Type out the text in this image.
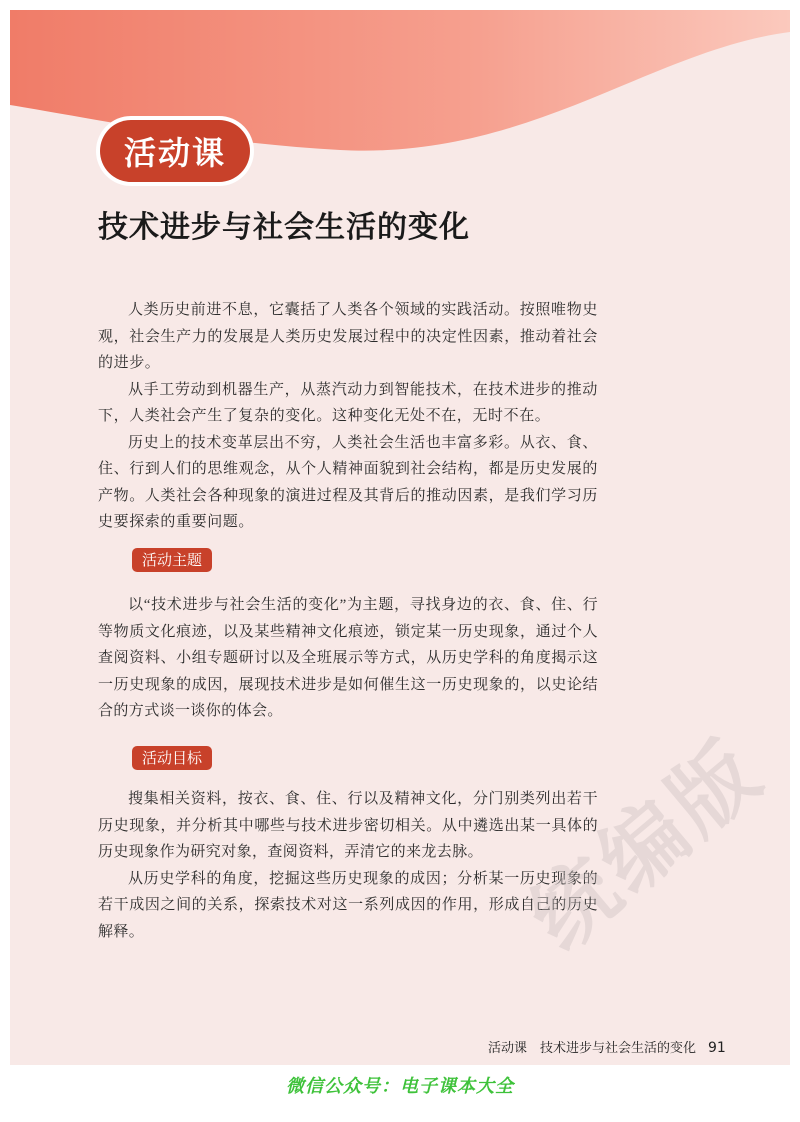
活动课
技术进步与社会生活的变化

人类历史前进不息，它囊括了人类各个领域的实践活动。按照唯物史观，社会生产力的发展是人类历史发展过程中的决定性因素，推动着社会的进步。

从手工劳动到机器生产，从蒸汽动力到智能技术，在技术进步的推动下，人类社会产生了复杂的变化。这种变化无处不在，无时不在。

历史上的技术变革层出不穷，人类社会生活也丰富多彩。从衣、食、住、行到人们的思维观念，从个人精神面貌到社会结构，都是历史发展的产物。人类社会各种现象的演进过程及其背后的推动因素，是我们学习历史要探索的重要问题。

活动主题

以“技术进步与社会生活的变化”为主题，寻找身边的衣、食、住、行等物质文化痕迹，以及某些精神文化痕迹，锁定某一历史现象，通过个人查阅资料、小组专题研讨以及全班展示等方式，从历史学科的角度揭示这一历史现象的成因，展现技术进步是如何催生这一历史现象的，以史论结合的方式谈一谈你的体会。

活动目标

搜集相关资料，按衣、食、住、行以及精神文化，分门别类列出若干历史现象，并分析其中哪些与技术进步密切相关。从中遴选出某一具体的历史现象作为研究对象，查阅资料，弄清它的来龙去脉。

从历史学科的角度，挖掘这些历史现象的成因；分析某一历史现象的若干成因之间的关系，探索技术对这一系列成因的作用，形成自己的历史解释。	统编版
活动课　技术进步与社会生活的变化 91
微信公众号：电子课本大全
